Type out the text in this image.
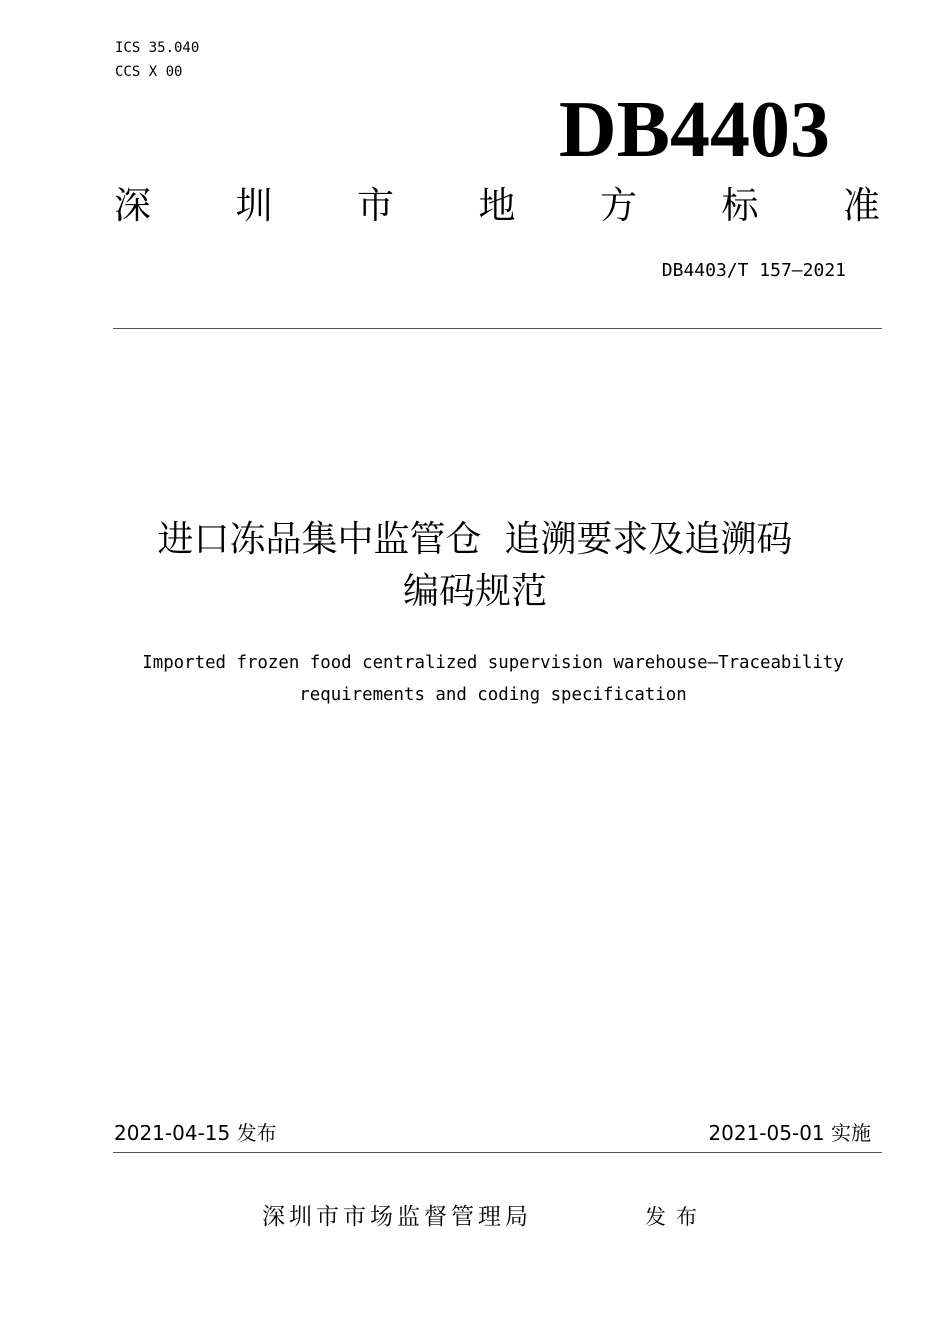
ICS 35.040
CCS X 00
DB4403
深 圳 市 地 方 标 准
DB4403/T 157—2021
进口冻品集中监管仓  追溯要求及追溯码
编码规范
Imported frozen food centralized supervision warehouse—Traceability
requirements and coding specification
2021-04-15 发布	2021-05-01 实施
深圳市市场监督管理局	发布
